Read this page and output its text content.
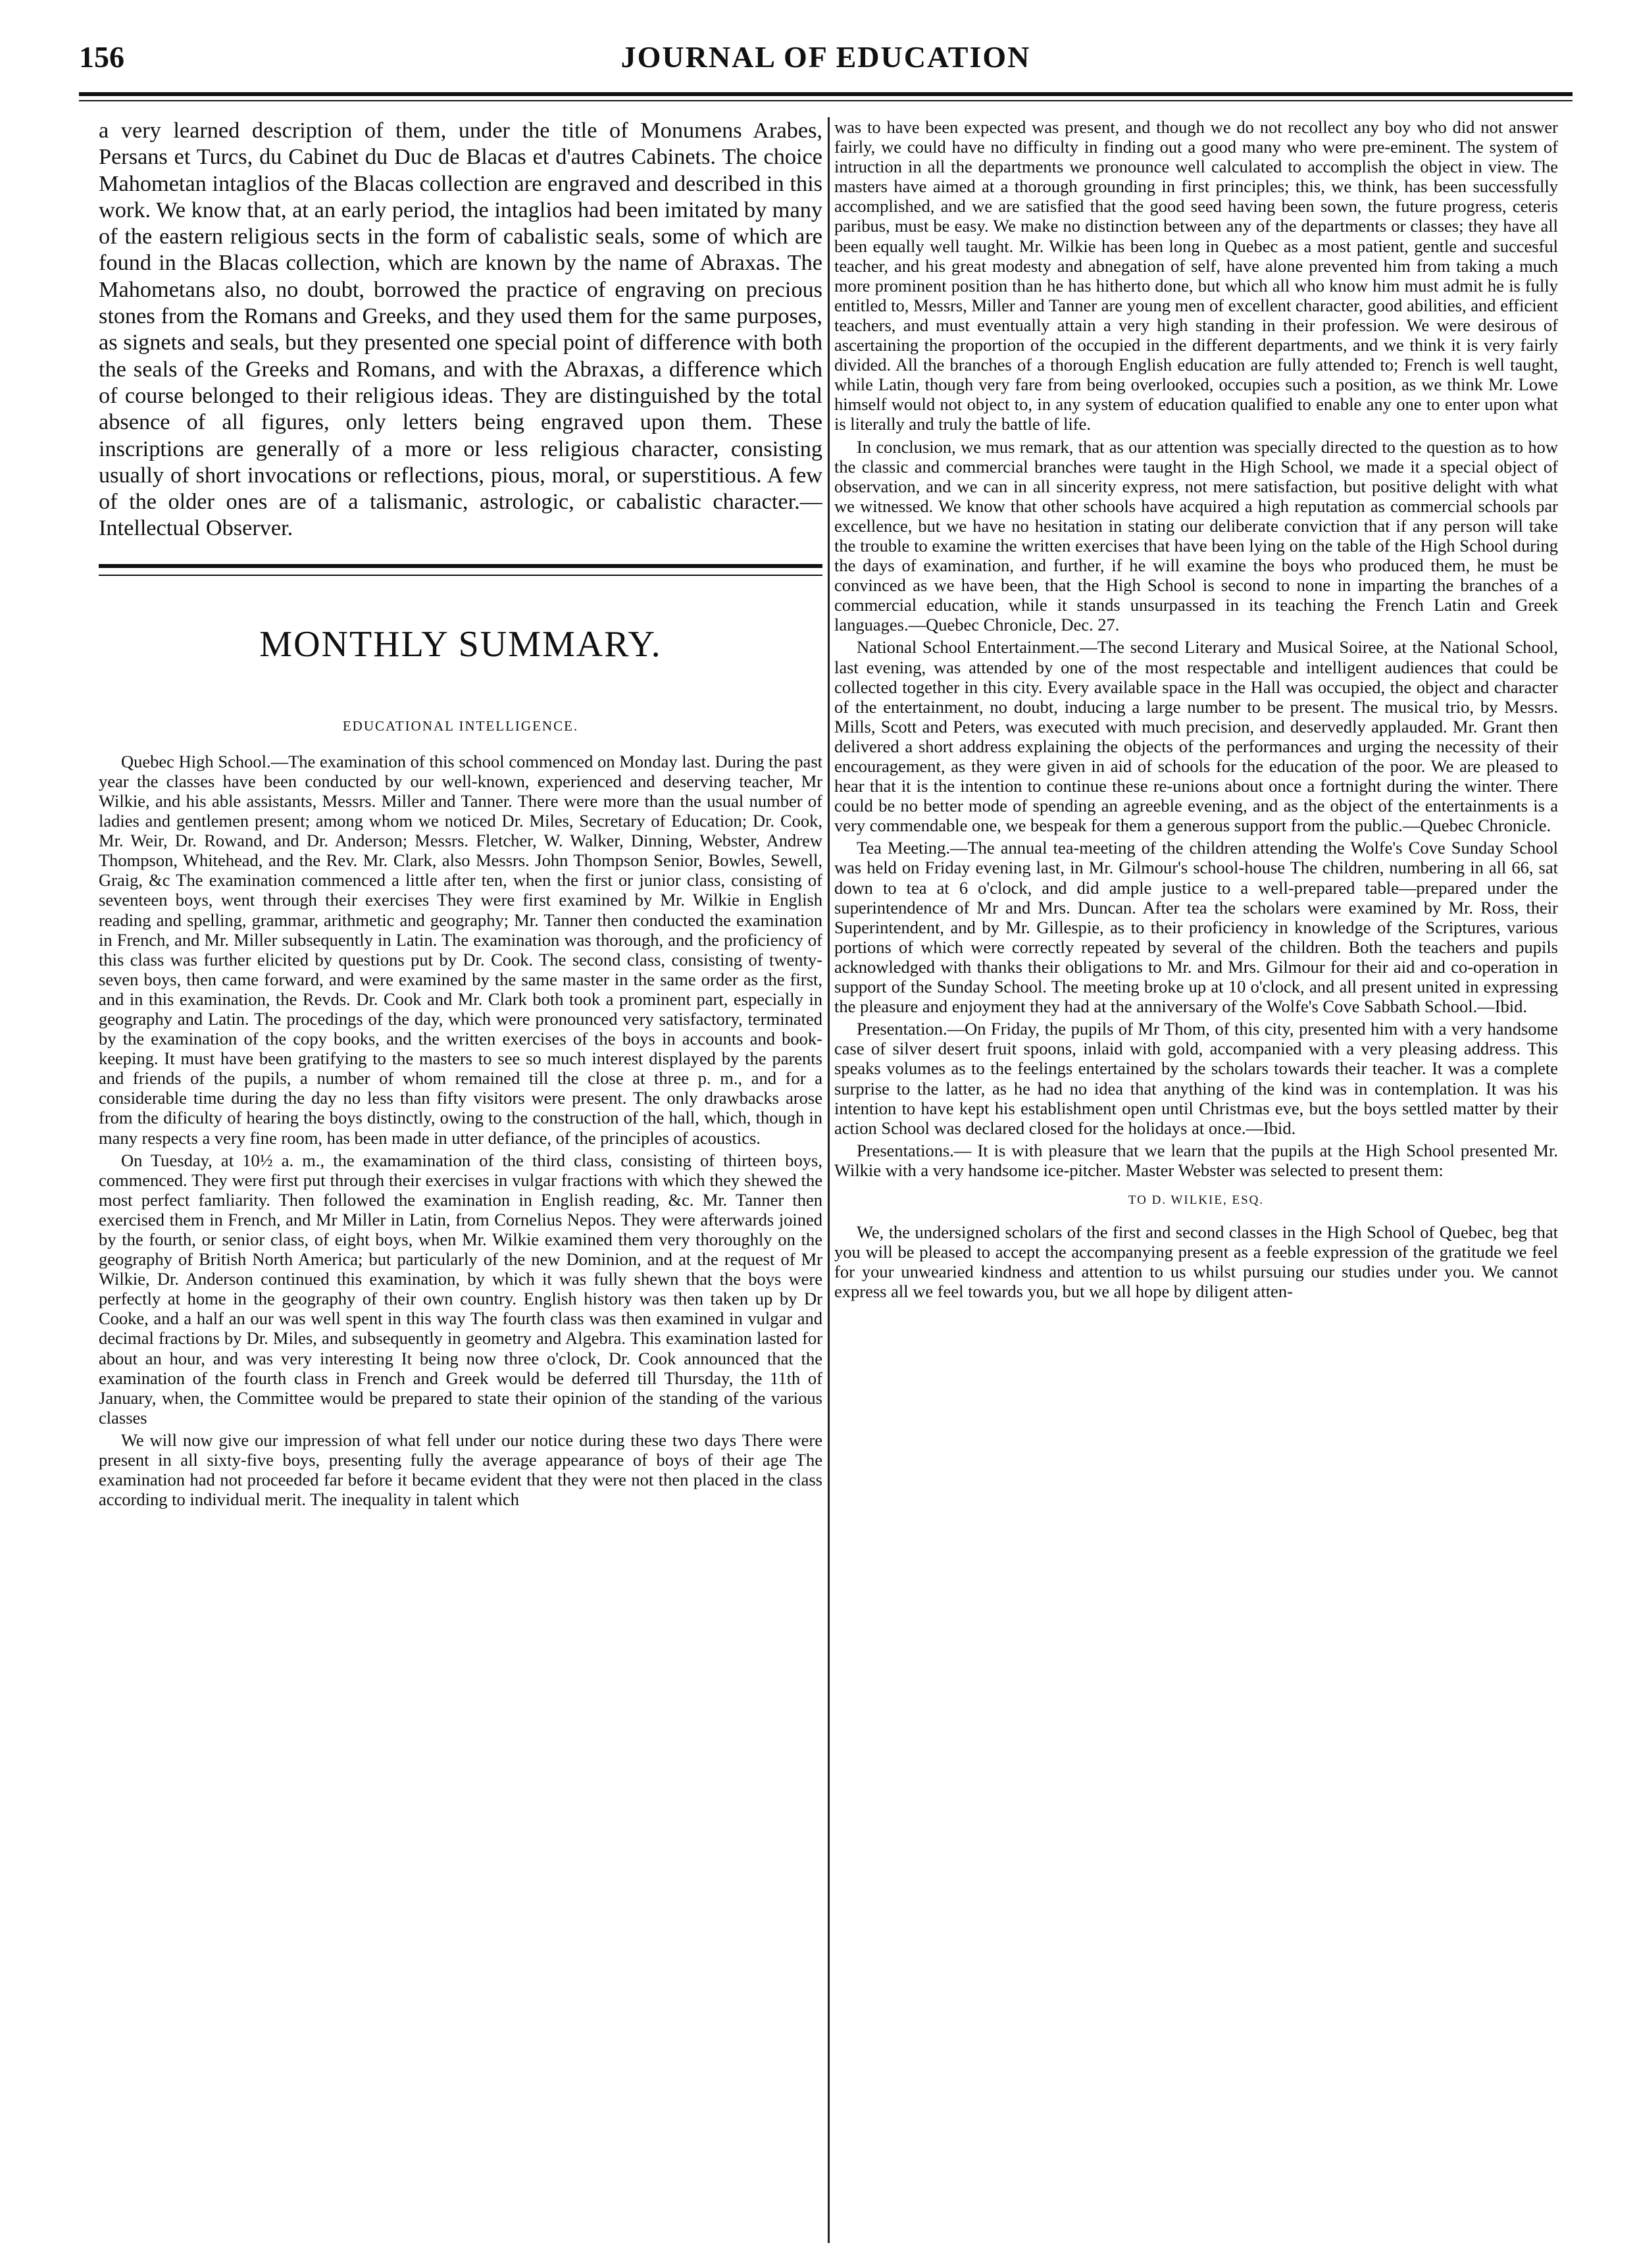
156	JOURNAL OF EDUCATION

a very learned description of them, under the title of Monumens Arabes, Persans et Turcs, du Cabinet du Duc de Blacas et d'autres Cabinets. The choice Mahometan intaglios of the Blacas collection are engraved and described in this work. We know that, at an early period, the intaglios had been imitated by many of the eastern religious sects in the form of cabalistic seals, some of which are found in the Blacas collection, which are known by the name of Abraxas. The Mahometans also, no doubt, borrowed the practice of engraving on precious stones from the Romans and Greeks, and they used them for the same purposes, as signets and seals, but they presented one special point of difference with both the seals of the Greeks and Romans, and with the Abraxas, a difference which of course belonged to their religious ideas. They are distinguished by the total absence of all figures, only letters being engraved upon them. These inscriptions are generally of a more or less religious character, consisting usually of short invocations or reflections, pious, moral, or superstitious. A few of the older ones are of a talismanic, astrologic, or cabalistic character.—Intellectual Observer.

MONTHLY SUMMARY.
EDUCATIONAL INTELLIGENCE.

Quebec High School.—The examination of this school commenced on Monday last. During the past year the classes have been conducted by our well-known, experienced and deserving teacher, Mr Wilkie, and his able assistants, Messrs. Miller and Tanner. There were more than the usual number of ladies and gentlemen present; among whom we noticed Dr. Miles, Secretary of Education; Dr. Cook, Mr. Weir, Dr. Rowand, and Dr. Anderson; Messrs. Fletcher, W. Walker, Dinning, Webster, Andrew Thompson, Whitehead, and the Rev. Mr. Clark, also Messrs. John Thompson Senior, Bowles, Sewell, Graig, &c The examination commenced a little after ten, when the first or junior class, consisting of seventeen boys, went through their exercises They were first examined by Mr. Wilkie in English reading and spelling, grammar, arithmetic and geography; Mr. Tanner then conducted the examination in French, and Mr. Miller subsequently in Latin. The examination was thorough, and the proficiency of this class was further elicited by questions put by Dr. Cook. The second class, consisting of twenty-seven boys, then came forward, and were examined by the same master in the same order as the first, and in this examination, the Revds. Dr. Cook and Mr. Clark both took a prominent part, especially in geography and Latin. The procedings of the day, which were pronounced very satisfactory, terminated by the examination of the copy books, and the written exercises of the boys in accounts and book-keeping. It must have been gratifying to the masters to see so much interest displayed by the parents and friends of the pupils, a number of whom remained till the close at three p. m., and for a considerable time during the day no less than fifty visitors were present. The only drawbacks arose from the dificulty of hearing the boys distinctly, owing to the construction of the hall, which, though in many respects a very fine room, has been made in utter defiance, of the principles of acoustics.

On Tuesday, at 10½ a. m., the examamination of the third class, consisting of thirteen boys, commenced. They were first put through their exercises in vulgar fractions with which they shewed the most perfect famliarity. Then followed the examination in English reading, &c. Mr. Tanner then exercised them in French, and Mr Miller in Latin, from Cornelius Nepos. They were afterwards joined by the fourth, or senior class, of eight boys, when Mr. Wilkie examined them very thoroughly on the geography of British North America; but particularly of the new Dominion, and at the request of Mr Wilkie, Dr. Anderson continued this examination, by which it was fully shewn that the boys were perfectly at home in the geography of their own country. English history was then taken up by Dr Cooke, and a half an our was well spent in this way The fourth class was then examined in vulgar and decimal fractions by Dr. Miles, and subsequently in geometry and Algebra. This examination lasted for about an hour, and was very interesting It being now three o'clock, Dr. Cook announced that the examination of the fourth class in French and Greek would be deferred till Thursday, the 11th of January, when, the Committee would be prepared to state their opinion of the standing of the various classes

We will now give our impression of what fell under our notice during these two days There were present in all sixty-five boys, presenting fully the average appearance of boys of their age The examination had not proceeded far before it became evident that they were not then placed in the class according to individual merit. The inequality in talent which

was to have been expected was present, and though we do not recollect any boy who did not answer fairly, we could have no difficulty in finding out a good many who were pre-eminent. The system of intruction in all the departments we pronounce well calculated to accomplish the object in view. The masters have aimed at a thorough grounding in first principles; this, we think, has been successfully accomplished, and we are satisfied that the good seed having been sown, the future progress, ceteris paribus, must be easy. We make no distinction between any of the departments or classes; they have all been equally well taught. Mr. Wilkie has been long in Quebec as a most patient, gentle and succesful teacher, and his great modesty and abnegation of self, have alone prevented him from taking a much more prominent position than he has hitherto done, but which all who know him must admit he is fully entitled to, Messrs, Miller and Tanner are young men of excellent character, good abilities, and efficient teachers, and must eventually attain a very high standing in their profession. We were desirous of ascertaining the proportion of the occupied in the different departments, and we think it is very fairly divided. All the branches of a thorough English education are fully attended to; French is well taught, while Latin, though very fare from being overlooked, occupies such a position, as we think Mr. Lowe himself would not object to, in any system of education qualified to enable any one to enter upon what is literally and truly the battle of life.

In conclusion, we mus remark, that as our attention was specially directed to the question as to how the classic and commercial branches were taught in the High School, we made it a special object of observation, and we can in all sincerity express, not mere satisfaction, but positive delight with what we witnessed. We know that other schools have acquired a high reputation as commercial schools par excellence, but we have no hesitation in stating our deliberate conviction that if any person will take the trouble to examine the written exercises that have been lying on the table of the High School during the days of examination, and further, if he will examine the boys who produced them, he must be convinced as we have been, that the High School is second to none in imparting the branches of a commercial education, while it stands unsurpassed in its teaching the French Latin and Greek languages.—Quebec Chronicle, Dec. 27.

National School Entertainment.—The second Literary and Musical Soiree, at the National School, last evening, was attended by one of the most respectable and intelligent audiences that could be collected together in this city. Every available space in the Hall was occupied, the object and character of the entertainment, no doubt, inducing a large number to be present. The musical trio, by Messrs. Mills, Scott and Peters, was executed with much precision, and deservedly applauded. Mr. Grant then delivered a short address explaining the objects of the performances and urging the necessity of their encouragement, as they were given in aid of schools for the education of the poor. We are pleased to hear that it is the intention to continue these re-unions about once a fortnight during the winter. There could be no better mode of spending an agreeble evening, and as the object of the entertainments is a very commendable one, we bespeak for them a generous support from the public.—Quebec Chronicle.

Tea Meeting.—The annual tea-meeting of the children attending the Wolfe's Cove Sunday School was held on Friday evening last, in Mr. Gilmour's school-house The children, numbering in all 66, sat down to tea at 6 o'clock, and did ample justice to a well-prepared table—prepared under the superintendence of Mr and Mrs. Duncan. After tea the scholars were examined by Mr. Ross, their Superintendent, and by Mr. Gillespie, as to their proficiency in knowledge of the Scriptures, various portions of which were correctly repeated by several of the children. Both the teachers and pupils acknowledged with thanks their obligations to Mr. and Mrs. Gilmour for their aid and co-operation in support of the Sunday School. The meeting broke up at 10 o'clock, and all present united in expressing the pleasure and enjoyment they had at the anniversary of the Wolfe's Cove Sabbath School.—Ibid.

Presentation.—On Friday, the pupils of Mr Thom, of this city, presented him with a very handsome case of silver desert fruit spoons, inlaid with gold, accompanied with a very pleasing address. This speaks volumes as to the feelings entertained by the scholars towards their teacher. It was a complete surprise to the latter, as he had no idea that anything of the kind was in contemplation. It was his intention to have kept his establishment open until Christmas eve, but the boys settled matter by their action School was declared closed for the holidays at once.—Ibid.

Presentations.— It is with pleasure that we learn that the pupils at the High School presented Mr. Wilkie with a very handsome ice-pitcher. Master Webster was selected to present them:

TO D. WILKIE, ESQ.

We, the undersigned scholars of the first and second classes in the High School of Quebec, beg that you will be pleased to accept the accompanying present as a feeble expression of the gratitude we feel for your unwearied kindness and attention to us whilst pursuing our studies under you. We cannot express all we feel towards you, but we all hope by diligent atten-
